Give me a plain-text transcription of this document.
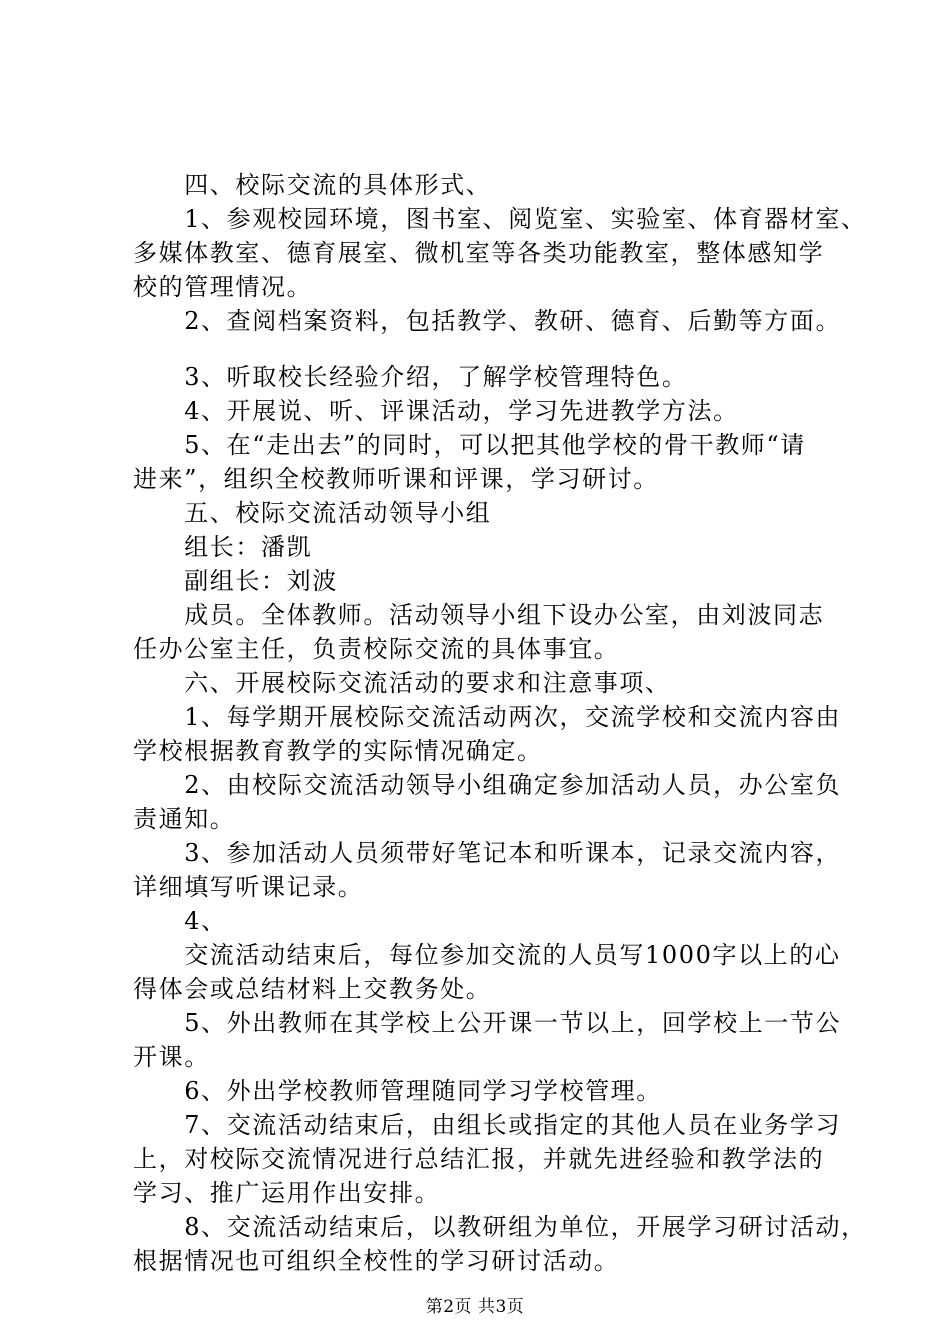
　　四、校际交流的具体形式、
　　1、参观校园环境，图书室、阅览室、实验室、体育器材室、
多媒体教室、德育展室、微机室等各类功能教室，整体感知学
校的管理情况。
　　2、查阅档案资料，包括教学、教研、德育、后勤等方面。
　　3、听取校长经验介绍，了解学校管理特色。
　　4、开展说、听、评课活动，学习先进教学方法。
　　5、在“走出去”的同时，可以把其他学校的骨干教师“请
进来”，组织全校教师听课和评课，学习研讨。
　　五、校际交流活动领导小组
　　组长：潘凯
　　副组长：刘波
　　成员。全体教师。活动领导小组下设办公室，由刘波同志
任办公室主任，负责校际交流的具体事宜。
　　六、开展校际交流活动的要求和注意事项、
　　1、每学期开展校际交流活动两次，交流学校和交流内容由
学校根据教育教学的实际情况确定。
　　2、由校际交流活动领导小组确定参加活动人员，办公室负
责通知。
　　3、参加活动人员须带好笔记本和听课本，记录交流内容，
详细填写听课记录。
　　4、
　　交流活动结束后，每位参加交流的人员写1000字以上的心
得体会或总结材料上交教务处。
　　5、外出教师在其学校上公开课一节以上，回学校上一节公
开课。
　　6、外出学校教师管理随同学习学校管理。
　　7、交流活动结束后，由组长或指定的其他人员在业务学习
上，对校际交流情况进行总结汇报，并就先进经验和教学法的
学习、推广运用作出安排。
　　8、交流活动结束后，以教研组为单位，开展学习研讨活动，
根据情况也可组织全校性的学习研讨活动。
第2页 共3页
